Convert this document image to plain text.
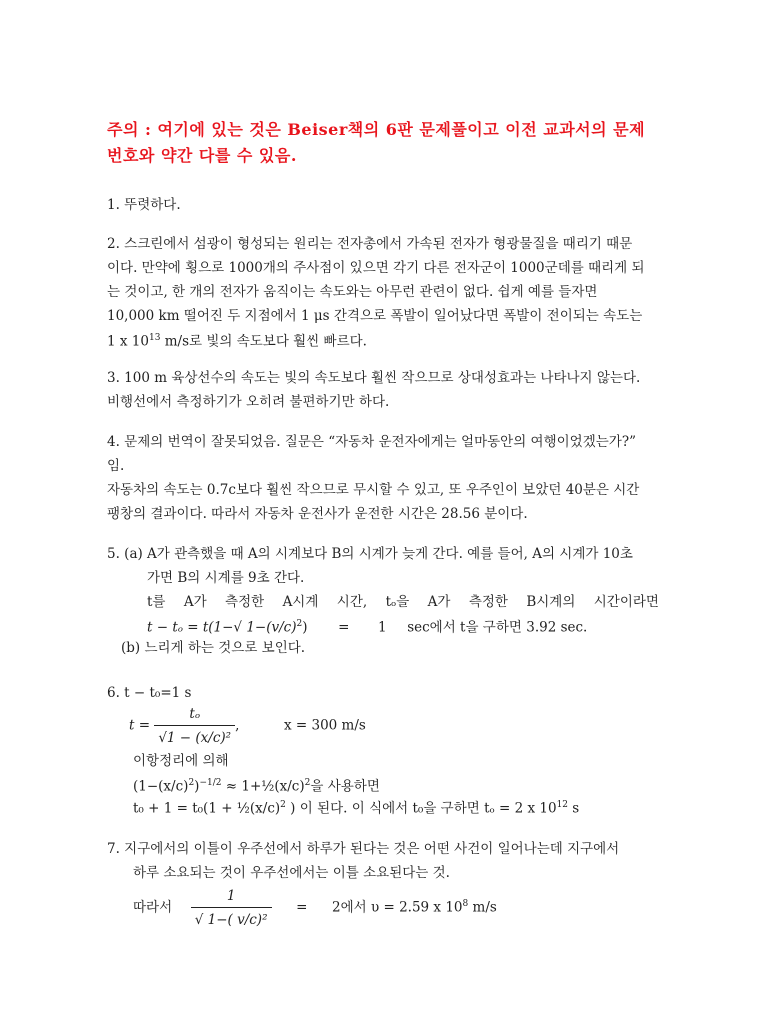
주의 : 여기에 있는 것은 Beiser책의 6판 문제풀이고 이전 교과서의 문제
번호와 약간 다를 수 있음.
1. 뚜렷하다.
2. 스크린에서 섬광이 형성되는 원리는 전자총에서 가속된 전자가 형광물질을 때리기 때문
이다. 만약에 횡으로 1000개의 주사점이 있으면 각기 다른 전자군이 1000군데를 때리게 되
는 것이고, 한 개의 전자가 움직이는 속도와는 아무런 관련이 없다. 쉽게 예를 들자면
10,000 km 떨어진 두 지점에서 1 μs 간격으로 폭발이 일어났다면 폭발이 전이되는 속도는
1 x $10^{13}$ m/s로 빛의 속도보다 훨씬 빠르다.
3. 100 m 육상선수의 속도는 빛의 속도보다 훨씬 작으므로 상대성효과는 나타나지 않는다.
비행선에서 측정하기가 오히려 불편하기만 하다.
4. 문제의 번역이 잘못되었음. 질문은 “자동차 운전자에게는 얼마동안의 여행이었겠는가?”
임.
자동차의 속도는 0.7c보다 훨씬 작으므로 무시할 수 있고, 또 우주인이 보았던 40분은 시간
팽창의 결과이다. 따라서 자동차 운전사가 운전한 시간은 28.56 분이다.
5. (a) A가 관측했을 때 A의 시계보다 B의 시계가 늦게 간다. 예를 들어, A의 시계가 10초
가면 B의 시계를 9초 간다.
t를 A가 측정한 A시계 시간, tₒ을 A가 측정한 B시계의 시간이라면
t − tₒ = t(1−√ $1-(v/c)^2) = 1$ sec에서 t을 구하면 3.92 sec.
(b) 느리게 하는 것으로 보인다.
6. t − t₀=1 s
$t = \frac{\text{tₒ}}{\text{√1 − (x/c)²}}$ ,	x = 300 m/s
이항정리에 의해
$(1-(x/c)^2)^{-1/2}$ ≈ $1+\frac{1}{2}(x/c)^2$을 사용하면
$t_0 + 1 = t_0(1 + \frac{1}{2}(x/c)^2$ ) 이 된다. 이 식에서 t₀을 구하면 tₒ = 2 x $10^{12}$ s
7. 지구에서의 이틀이 우주선에서 하루가 된다는 것은 어떤 사건이 일어나는데 지구에서
하루 소요되는 것이 우주선에서는 이틀 소요된다는 것.
따라서 $\frac{1}{\text{√ 1−( v/c)²}} = 2$에서 υ = 2.59 x $10^8$ m/s
